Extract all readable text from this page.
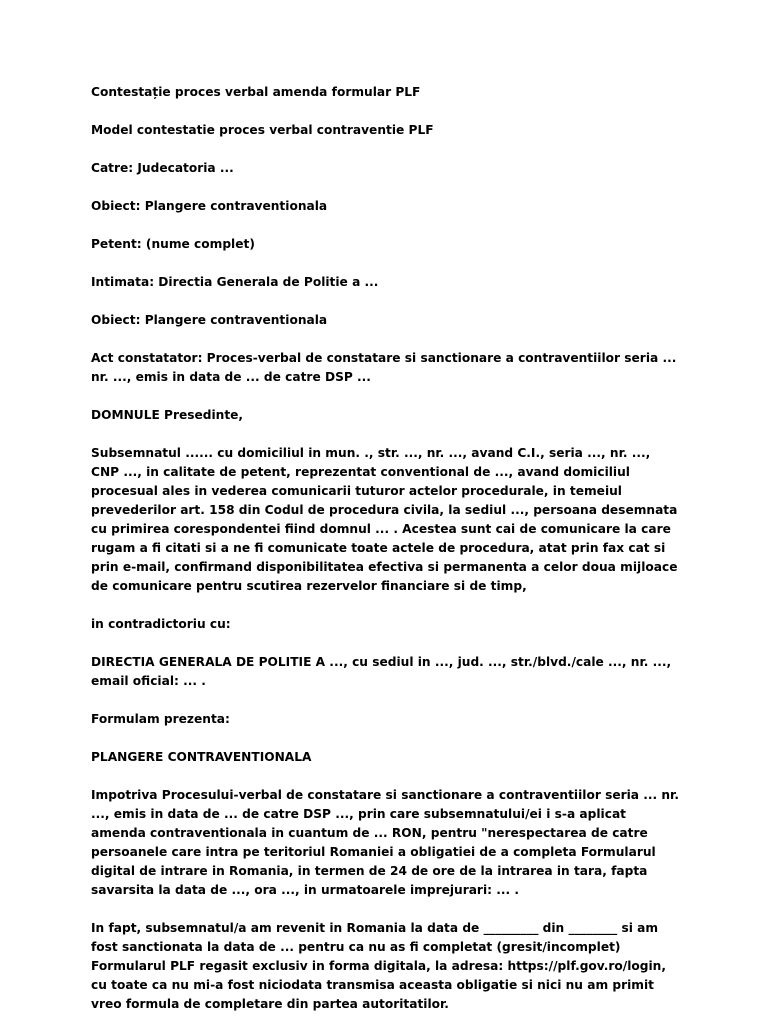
Contestație proces verbal amenda formular PLF

Model contestatie proces verbal contraventie PLF

Catre: Judecatoria ...

Obiect: Plangere contraventionala

Petent: (nume complet)

Intimata: Directia Generala de Politie a ...

Obiect: Plangere contraventionala

Act constatator: Proces-verbal de constatare si sanctionare a contraventiilor seria ... nr. ..., emis in data de ... de catre DSP ...

DOMNULE Presedinte,

Subsemnatul ...... cu domiciliul in mun. ., str. ..., nr. ..., avand C.I., seria ..., nr. ..., CNP ..., in calitate de petent, reprezentat conventional de ..., avand domiciliul procesual ales in vederea comunicarii tuturor actelor procedurale, in temeiul prevederilor art. 158 din Codul de procedura civila, la sediul ..., persoana desemnata cu primirea corespondentei fiind domnul ... . Acestea sunt cai de comunicare la care rugam a fi citati si a ne fi comunicate toate actele de procedura, atat prin fax cat si prin e-mail, confirmand disponibilitatea efectiva si permanenta a celor doua mijloace de comunicare pentru scutirea rezervelor financiare si de timp,

in contradictoriu cu:

DIRECTIA GENERALA DE POLITIE A ..., cu sediul in ..., jud. ..., str./blvd./cale ..., nr. ..., email oficial: ... .

Formulam prezenta:

PLANGERE CONTRAVENTIONALA

Impotriva Procesului-verbal de constatare si sanctionare a contraventiilor seria ... nr. ..., emis in data de ... de catre DSP ..., prin care subsemnatului/ei i s-a aplicat amenda contraventionala in cuantum de ... RON, pentru "nerespectarea de catre persoanele care intra pe teritoriul Romaniei a obligatiei de a completa Formularul digital de intrare in Romania, in termen de 24 de ore de la intrarea in tara, fapta savarsita la data de ..., ora ..., in urmatoarele imprejurari: ... .

In fapt, subsemnatul/a am revenit in Romania la data de _________ din ________ si am fost sanctionata la data de ... pentru ca nu as fi completat (gresit/incomplet) Formularul PLF regasit exclusiv in forma digitala, la adresa: https://plf.gov.ro/login, cu toate ca nu mi-a fost niciodata transmisa aceasta obligatie si nici nu am primit vreo formula de completare din partea autoritatilor.
